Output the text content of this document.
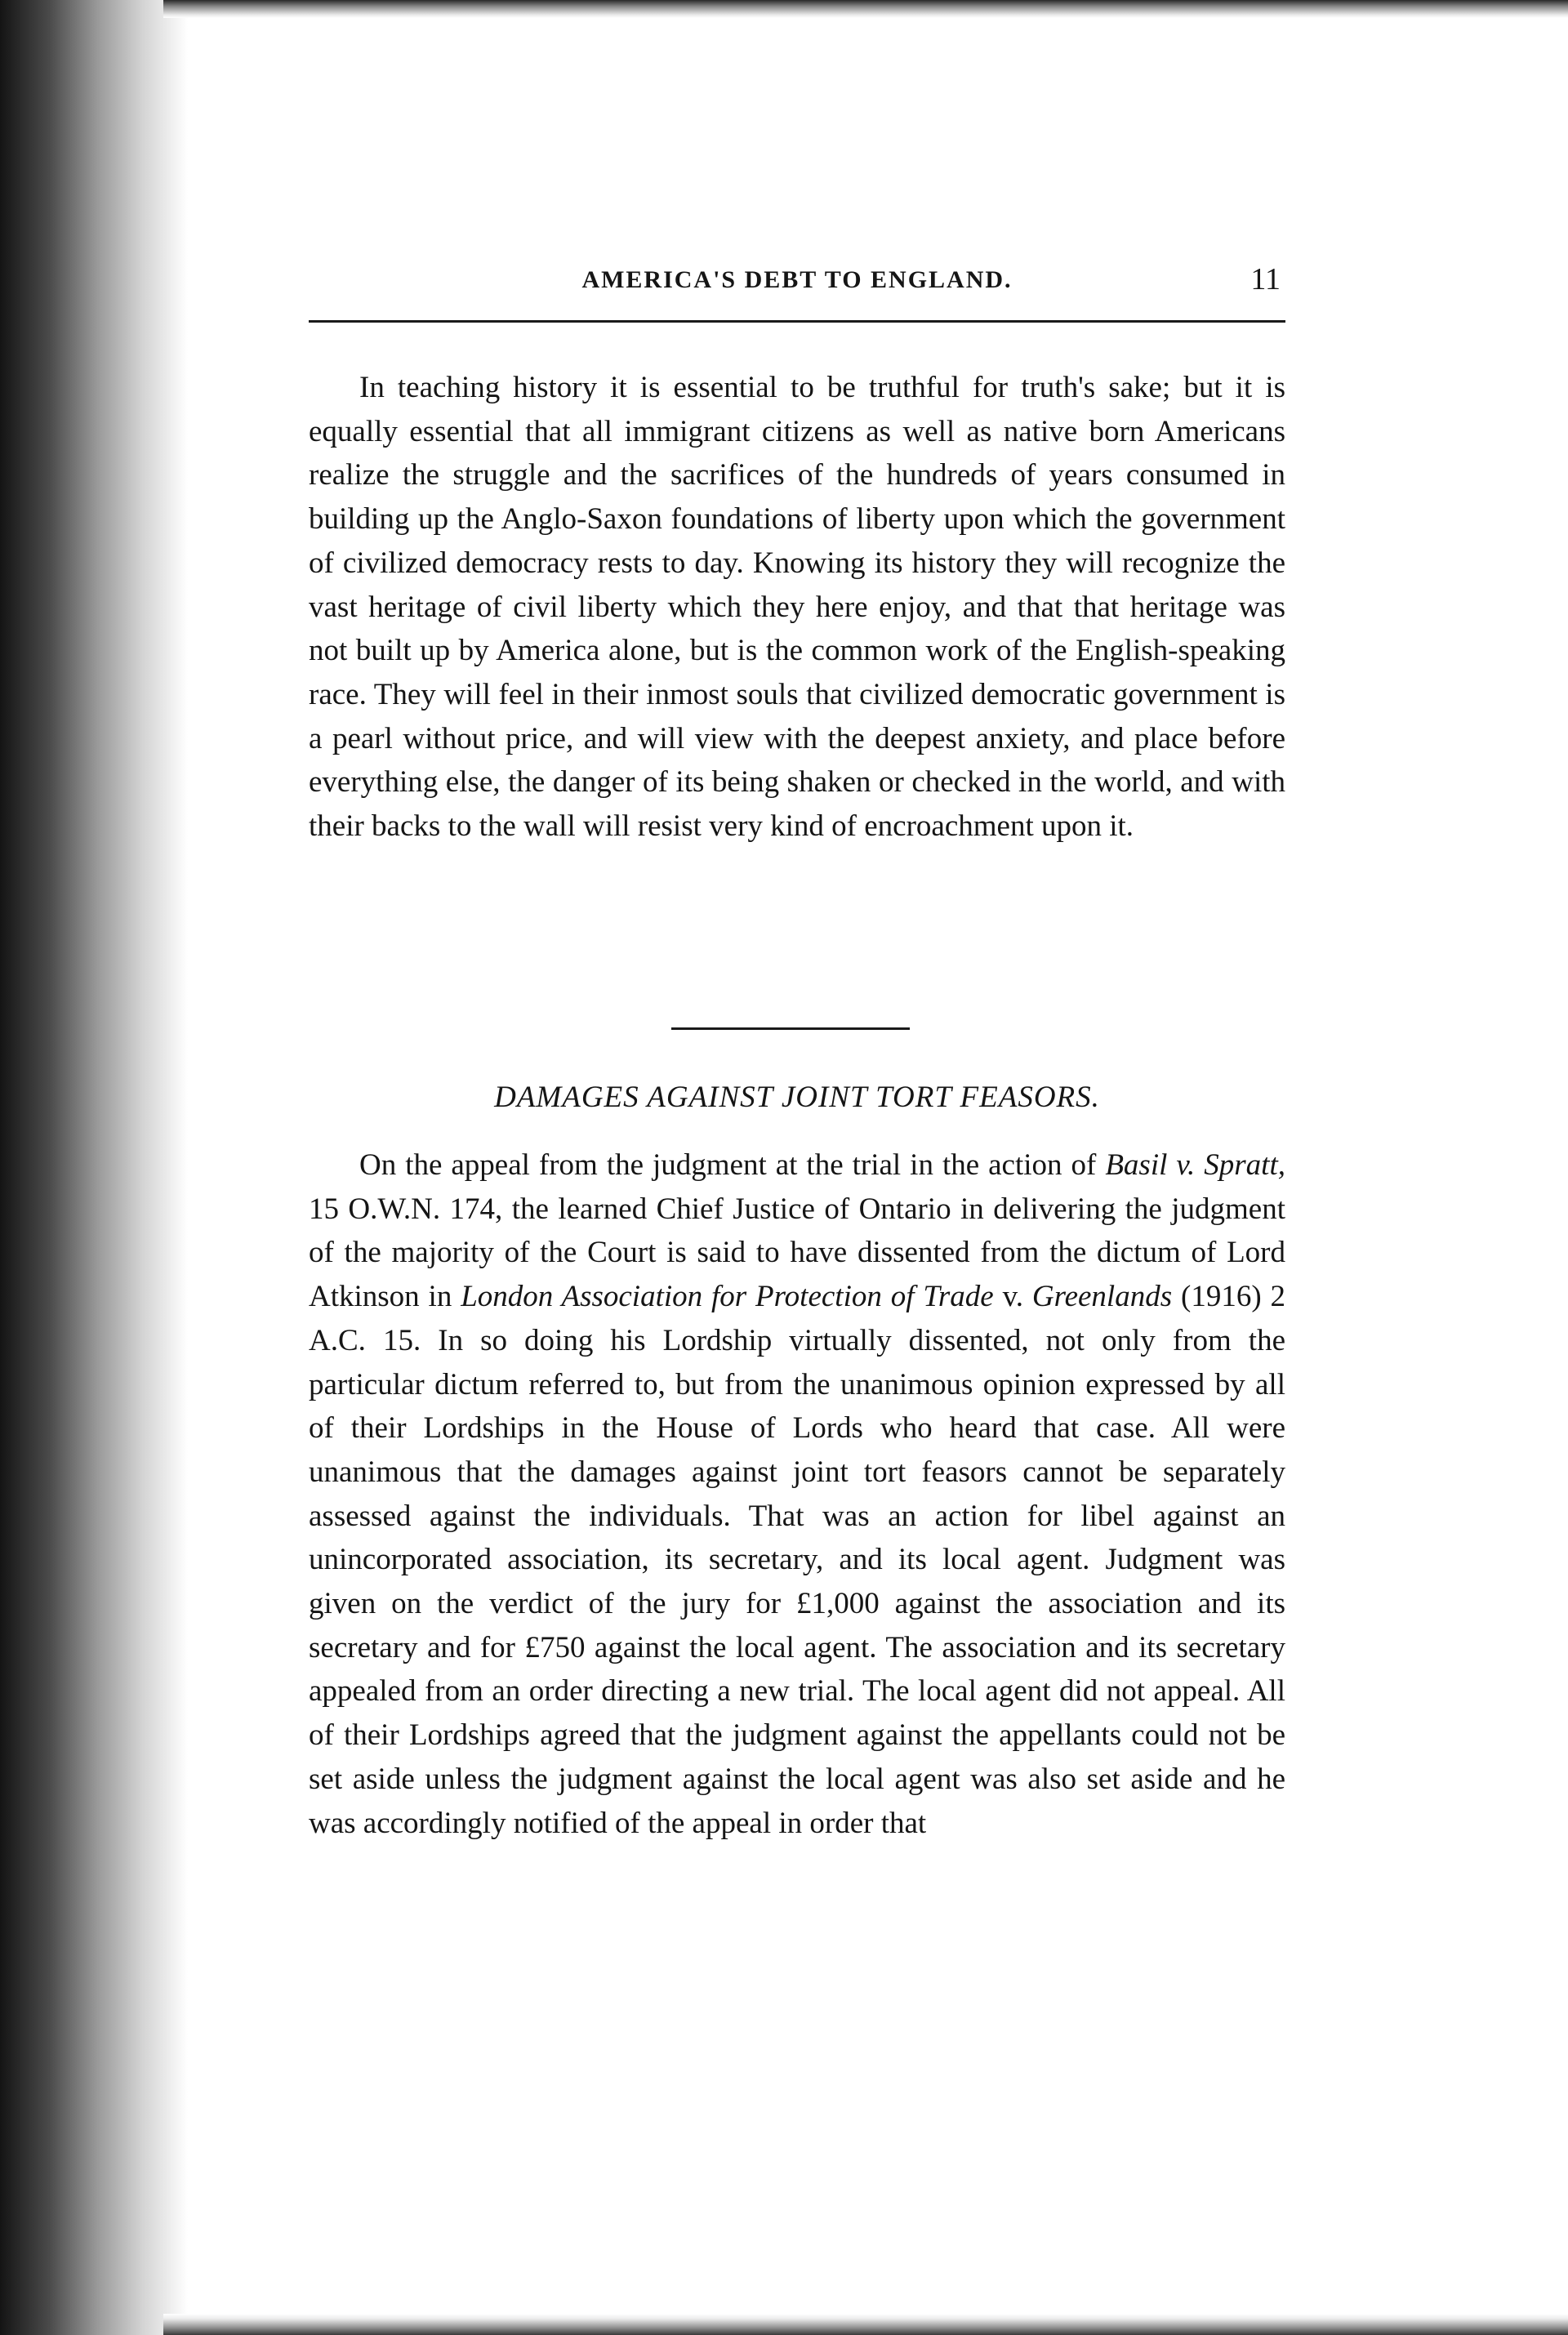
AMERICA'S DEBT TO ENGLAND.	11

In teaching history it is essential to be truthful for truth's sake; but it is equally essential that all immigrant citizens as well as native born Americans realize the struggle and the sacrifices of the hundreds of years consumed in building up the Anglo-Saxon foundations of liberty upon which the government of civilized democracy rests to day. Knowing its history they will recognize the vast heritage of civil liberty which they here enjoy, and that that heritage was not built up by America alone, but is the common work of the English-speaking race. They will feel in their inmost souls that civilized democratic government is a pearl without price, and will view with the deepest anxiety, and place before everything else, the danger of its being shaken or checked in the world, and with their backs to the wall will resist very kind of encroachment upon it.

DAMAGES AGAINST JOINT TORT FEASORS.

On the appeal from the judgment at the trial in the action of Basil v. Spratt, 15 O.W.N. 174, the learned Chief Justice of Ontario in delivering the judgment of the majority of the Court is said to have dissented from the dictum of Lord Atkinson in London Association for Protection of Trade v. Greenlands (1916) 2 A.C. 15. In so doing his Lordship virtually dissented, not only from the particular dictum referred to, but from the unanimous opinion expressed by all of their Lordships in the House of Lords who heard that case. All were unanimous that the damages against joint tort feasors cannot be separately assessed against the individuals. That was an action for libel against an unincorporated association, its secretary, and its local agent. Judgment was given on the verdict of the jury for £1,000 against the association and its secretary and for £750 against the local agent. The association and its secretary appealed from an order directing a new trial. The local agent did not appeal. All of their Lordships agreed that the judgment against the appellants could not be set aside unless the judgment against the local agent was also set aside and he was accordingly notified of the appeal in order that
